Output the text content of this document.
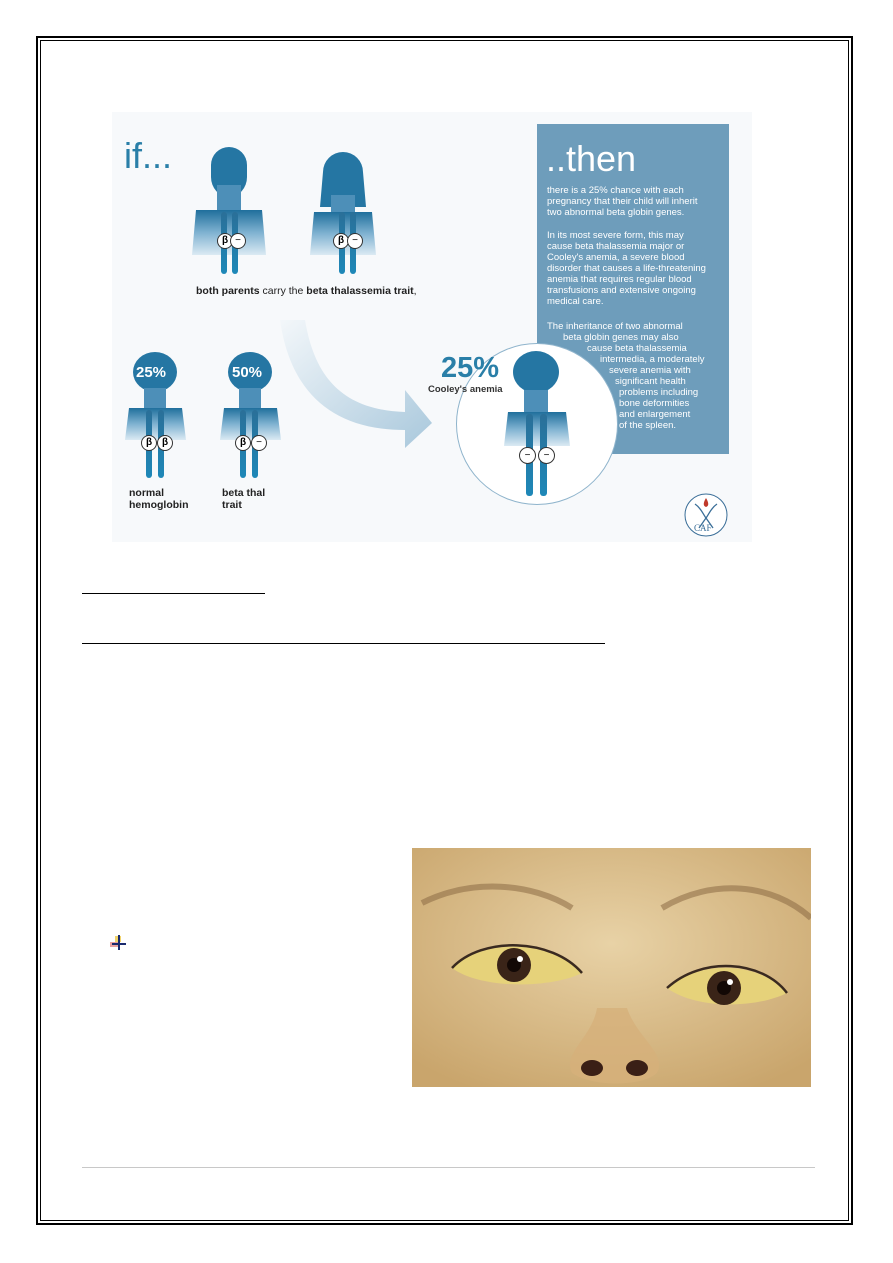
β −	β −
β β	β	−
−	−
if...
both parents carry the beta thalassemia trait,
25%	50%
normal
hemoglobin
beta thal
trait
25%
Cooley's anemia
..then
there is a 25% chance with each
pregnancy that their child will inherit
two abnormal beta globin genes.
In its most severe form, this may
cause beta thalassemia major or
Cooley's anemia, a severe blood
disorder that causes a life-threatening
anemia that requires regular blood
transfusions and extensive ongoing
medical care.
The inheritance of two abnormal
beta globin genes may also
cause beta thalassemia
intermedia, a moderately
severe anemia with
significant health
problems including
bone deformities
and enlargement
of the spleen.
CAF
